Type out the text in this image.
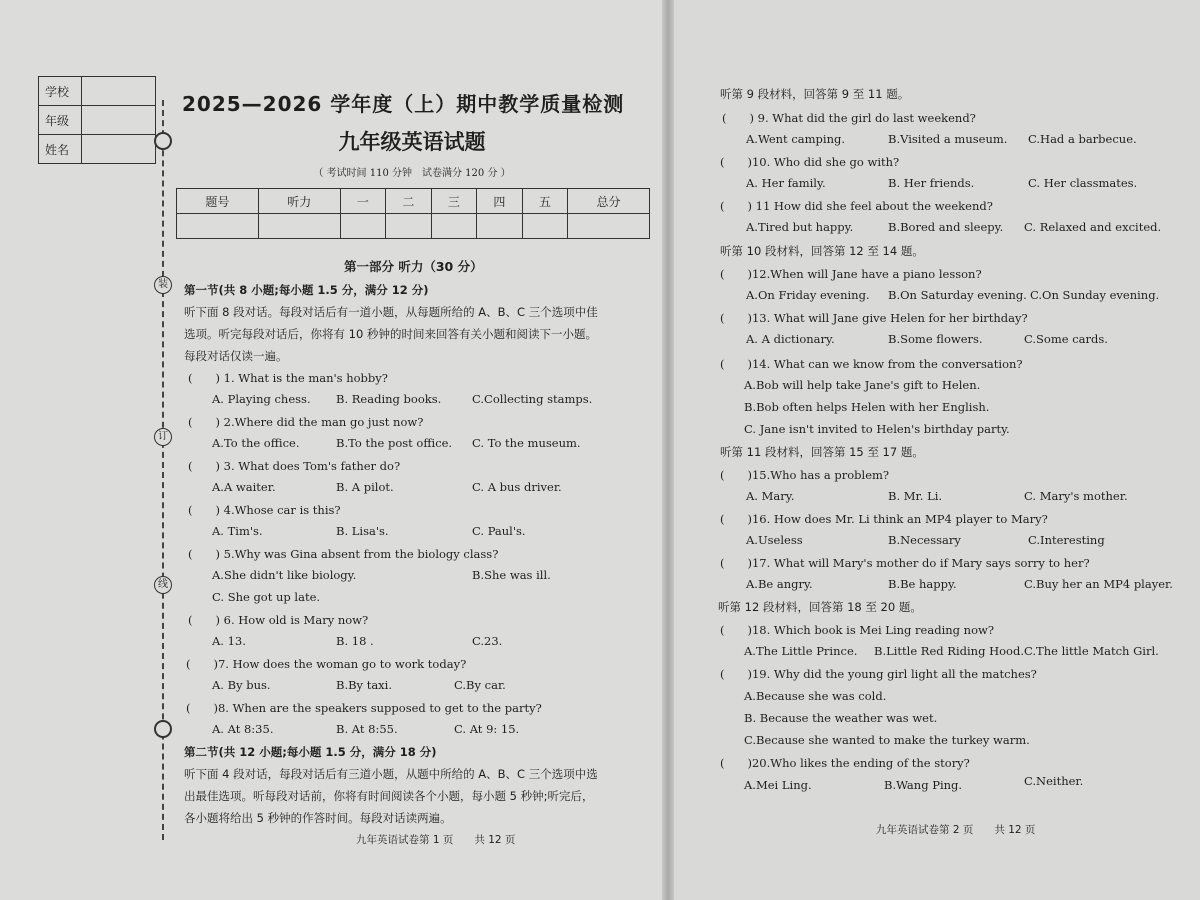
学校	
年级	
姓名	
装
订
线
2025—2026 学年度（上）期中教学质量检测
九年级英语试题
（ 考试时间 110 分钟　试卷满分 120 分 ）
题号	听力	一	二	三	四	五	总分

第一部分 听力（30 分）
第一节(共 8 小题;每小题 1.5 分，满分 12 分)
听下面 8 段对话。每段对话后有一道小题，从每题所给的 A、B、C 三个选项中佳
选项。听完每段对话后，你将有 10 秒钟的时间来回答有关小题和阅读下一小题。
每段对话仅读一遍。
(　　) 1. What is the man's hobby?
A. Playing chess. B. Reading books.	C.Collecting stamps.
(　　) 2.Where did the man go just now?
A.To the office.	B.To the post office. C. To the museum.
(　　) 3. What does Tom's father do?
A.A waiter.	B. A pilot.	C. A bus driver.
(　　) 4.Whose car is this?
A. Tim's.	B. Lisa's.	C. Paul's.
(　　) 5.Why was Gina absent from the biology class?
A.She didn't like biology.	B.She was ill.
C. She got up late.
(　　) 6. How old is Mary now?
A. 13.	B. 18 .	C.23.
(　　)7. How does the woman go to work today?
A. By bus.	B.By taxi.	C.By car.
(　　)8. When are the speakers supposed to get to the party?
A. At 8:35.	B. At 8:55.	C. At 9: 15.
第二节(共 12 小题;每小题 1.5 分，满分 18 分)
听下面 4 段对话，每段对话后有三道小题，从题中所给的 A、B、C 三个选项中选
出最佳选项。听每段对话前，你将有时间阅读各个小题，每小题 5 秒钟;听完后，
各小题将给出 5 秒钟的作答时间。每段对话读两遍。
九年英语试卷第 1 页　　共 12 页
听第 9 段材料，回答第 9 至 11 题。
(　　) 9. What did the girl do last weekend?
A.Went camping.	B.Visited a museum. C.Had a barbecue.
(　　)10. Who did she go with?
A. Her family.	B. Her friends.	C. Her classmates.
(　　) 11 How did she feel about the weekend?
A.Tired but happy.	B.Bored and sleepy. C. Relaxed and excited.
听第 10 段材料，回答第 12 至 14 题。
(　　)12.When will Jane have a piano lesson?
A.On Friday evening. B.On Saturday evening. C.On Sunday evening.
(　　)13. What will Jane give Helen for her birthday?
A. A dictionary.	B.Some flowers.	C.Some cards.
(　　)14. What can we know from the conversation?
A.Bob will help take Jane's gift to Helen.
B.Bob often helps Helen with her English.
C. Jane isn't invited to Helen's birthday party.
听第 11 段材料，回答第 15 至 17 题。
(　　)15.Who has a problem?
A. Mary.	B. Mr. Li.	C. Mary's mother.
(　　)16. How does Mr. Li think an MP4 player to Mary?
A.Useless	B.Necessary	C.Interesting
(　　)17. What will Mary's mother do if Mary says sorry to her?
A.Be angry.	B.Be happy.	C.Buy her an MP4 player.
听第 12 段材料，回答第 18 至 20 题。
(　　)18. Which book is Mei Ling reading now?
A.The Little Prince. B.Little Red Riding Hood. C.The little Match Girl.
(　　)19. Why did the young girl light all the matches?
A.Because she was cold.
B. Because the weather was wet.
C.Because she wanted to make the turkey warm.
(　　)20.Who likes the ending of the story?
A.Mei Ling.	B.Wang Ping.	C.Neither.
九年英语试卷第 2 页　　共 12 页
